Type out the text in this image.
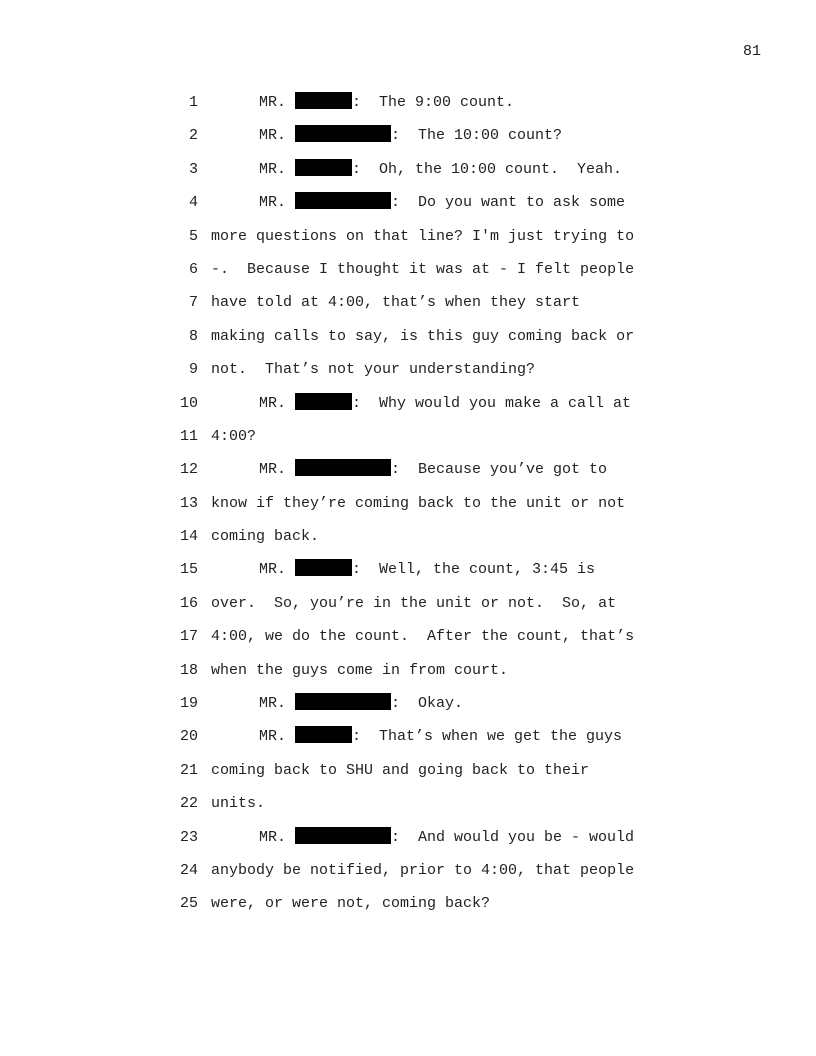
81
1	MR.	:  The 9:00 count.
2	MR.	:  The 10:00 count?
3	MR.	:  Oh, the 10:00 count.  Yeah.
4	MR.	:  Do you want to ask some
5 more questions on that line? I'm just trying to
6 -.  Because I thought it was at - I felt people
7 have told at 4:00, that’s when they start
8 making calls to say, is this guy coming back or
9 not.  That’s not your understanding?
10	MR.	:  Why would you make a call at
11 4:00?
12	MR.	:  Because you’ve got to
13 know if they’re coming back to the unit or not
14 coming back.
15	MR.	:  Well, the count, 3:45 is
16 over.  So, you’re in the unit or not.  So, at
17 4:00, we do the count.  After the count, that’s
18 when the guys come in from court.
19	MR.	:  Okay.
20	MR.	:  That’s when we get the guys
21 coming back to SHU and going back to their
22 units.
23	MR.	:  And would you be - would
24 anybody be notified, prior to 4:00, that people
25 were, or were not, coming back?
